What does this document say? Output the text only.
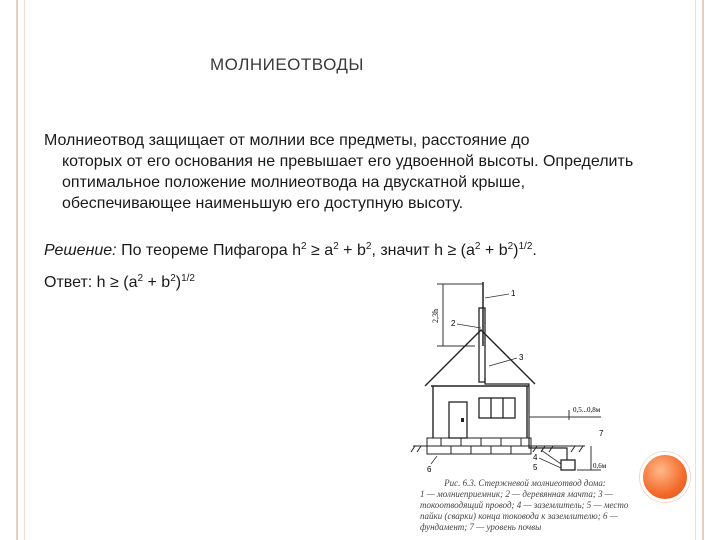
МОЛНИЕОТВОДЫ
Молниеотвод защищает от молнии все предметы, расстояние до
которых от его основания не превышает его удвоенной высоты. Определить оптимальное положение молниеотвода на двускатной крыше, обеспечивающее наименьшую его доступную высоту.
Решение: По теореме Пифагора $h^2 \ge a^2 + b^2$, значит $h \ge (a^2 + b^2)^{1/2}$.
Ответ: $h \ge (a^2 + b^2)^{1/2}$
2,3h
0,5...0,8м
0,6м
1
2
3
4
5
6
7
Рис. 6.3. Стержневой молниеотвод дома:
1 — молниеприемник; 2 — деревянная мачта; 3 — токоотводящий провод; 4 — заземлитель; 5 — место пайки (сварки) конца токовода к заземлителю; 6 — фундамент; 7 — уровень почвы
